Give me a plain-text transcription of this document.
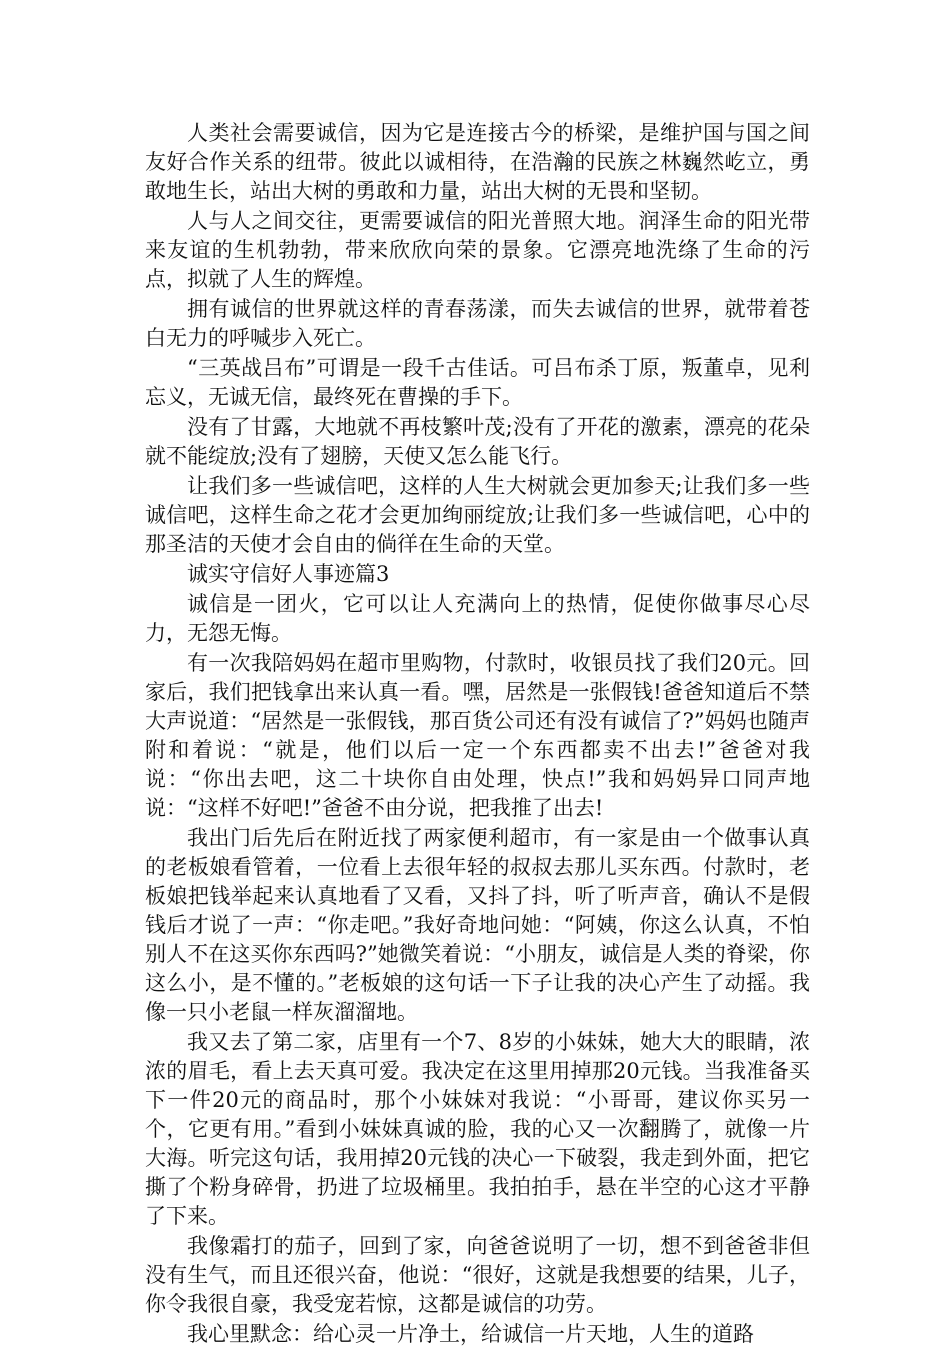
人类社会需要诚信，因为它是连接古今的桥梁，是维护国与国之间友好合作关系的纽带。彼此以诚相待，在浩瀚的民族之林巍然屹立，勇敢地生长，站出大树的勇敢和力量，站出大树的无畏和坚韧。

人与人之间交往，更需要诚信的阳光普照大地。润泽生命的阳光带来友谊的生机勃勃，带来欣欣向荣的景象。它漂亮地洗绦了生命的污点，拟就了人生的辉煌。

拥有诚信的世界就这样的青春荡漾，而失去诚信的世界，就带着苍白无力的呼喊步入死亡。

“三英战吕布”可谓是一段千古佳话。可吕布杀丁原，叛董卓，见利忘义，无诚无信，最终死在曹操的手下。

没有了甘露，大地就不再枝繁叶茂;没有了开花的激素，漂亮的花朵就不能绽放;没有了翅膀，天使又怎么能飞行。

让我们多一些诚信吧，这样的人生大树就会更加参天;让我们多一些诚信吧，这样生命之花才会更加绚丽绽放;让我们多一些诚信吧，心中的那圣洁的天使才会自由的倘徉在生命的天堂。

诚实守信好人事迹篇3

诚信是一团火，它可以让人充满向上的热情，促使你做事尽心尽力，无怨无悔。

有一次我陪妈妈在超市里购物，付款时，收银员找了我们20元。回家后，我们把钱拿出来认真一看。嘿，居然是一张假钱!爸爸知道后不禁大声说道：“居然是一张假钱，那百货公司还有没有诚信了?”妈妈也随声附和着说：“就是，他们以后一定一个东西都卖不出去!”爸爸对我说：“你出去吧，这二十块你自由处理，快点!”我和妈妈异口同声地说：“这样不好吧!”爸爸不由分说，把我推了出去!

我出门后先后在附近找了两家便利超市，有一家是由一个做事认真的老板娘看管着，一位看上去很年轻的叔叔去那儿买东西。付款时，老板娘把钱举起来认真地看了又看，又抖了抖，听了听声音，确认不是假钱后才说了一声：“你走吧。”我好奇地问她：“阿姨，你这么认真，不怕别人不在这买你东西吗?”她微笑着说：“小朋友，诚信是人类的脊梁，你这么小，是不懂的。”老板娘的这句话一下子让我的决心产生了动摇。我像一只小老鼠一样灰溜溜地。

我又去了第二家，店里有一个7、8岁的小妹妹，她大大的眼睛，浓浓的眉毛，看上去天真可爱。我决定在这里用掉那20元钱。当我准备买下一件20元的商品时，那个小妹妹对我说：“小哥哥，建议你买另一个，它更有用。”看到小妹妹真诚的脸，我的心又一次翻腾了，就像一片大海。听完这句话，我用掉20元钱的决心一下破裂，我走到外面，把它撕了个粉身碎骨，扔进了垃圾桶里。我拍拍手，悬在半空的心这才平静了下来。

我像霜打的茄子，回到了家，向爸爸说明了一切，想不到爸爸非但没有生气，而且还很兴奋，他说：“很好，这就是我想要的结果，儿子，你令我很自豪，我受宠若惊，这都是诚信的功劳。

我心里默念：给心灵一片净土，给诚信一片天地，人生的道路
